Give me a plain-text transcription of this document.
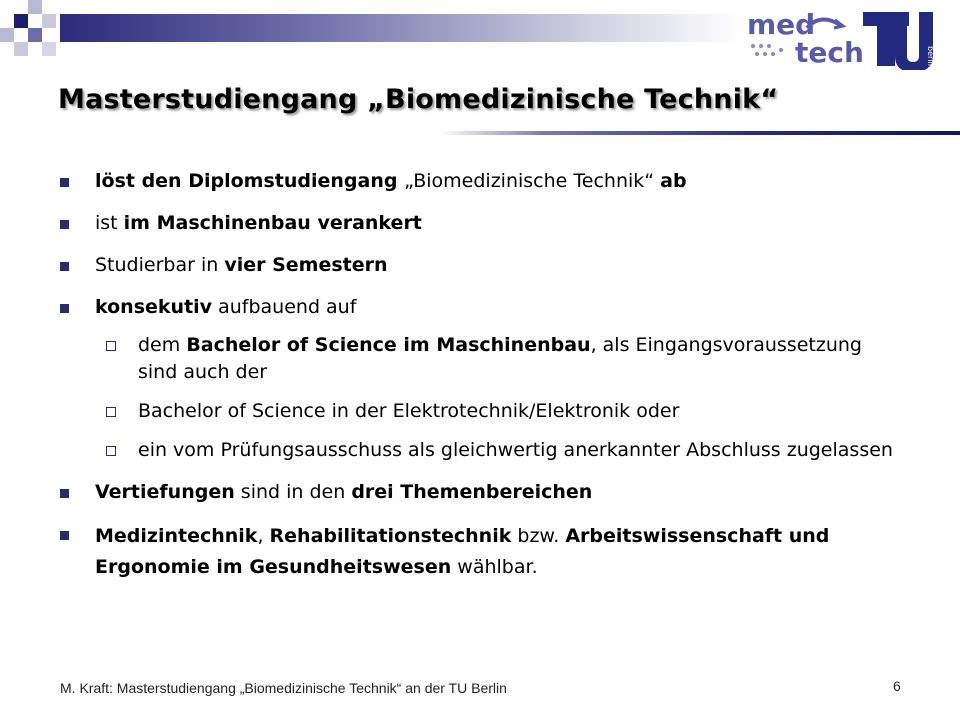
med
tech	berlin
Masterstudiengang „Biomedizinische Technik“
löst den Diplomstudiengang „Biomedizinische Technik“ ab
ist im Maschinenbau verankert
Studierbar in vier Semestern
konsekutiv aufbauend auf
dem Bachelor of Science im Maschinenbau, als Eingangsvoraussetzung sind auch der
Bachelor of Science in der Elektrotechnik/Elektronik oder
ein vom Prüfungsausschuss als gleichwertig anerkannter Abschluss zugelassen
Vertiefungen sind in den drei Themenbereichen
Medizintechnik, Rehabilitationstechnik bzw. Arbeitswissenschaft und Ergonomie im Gesundheitswesen wählbar.
M. Kraft: Masterstudiengang „Biomedizinische Technik“ an der TU Berlin	6
